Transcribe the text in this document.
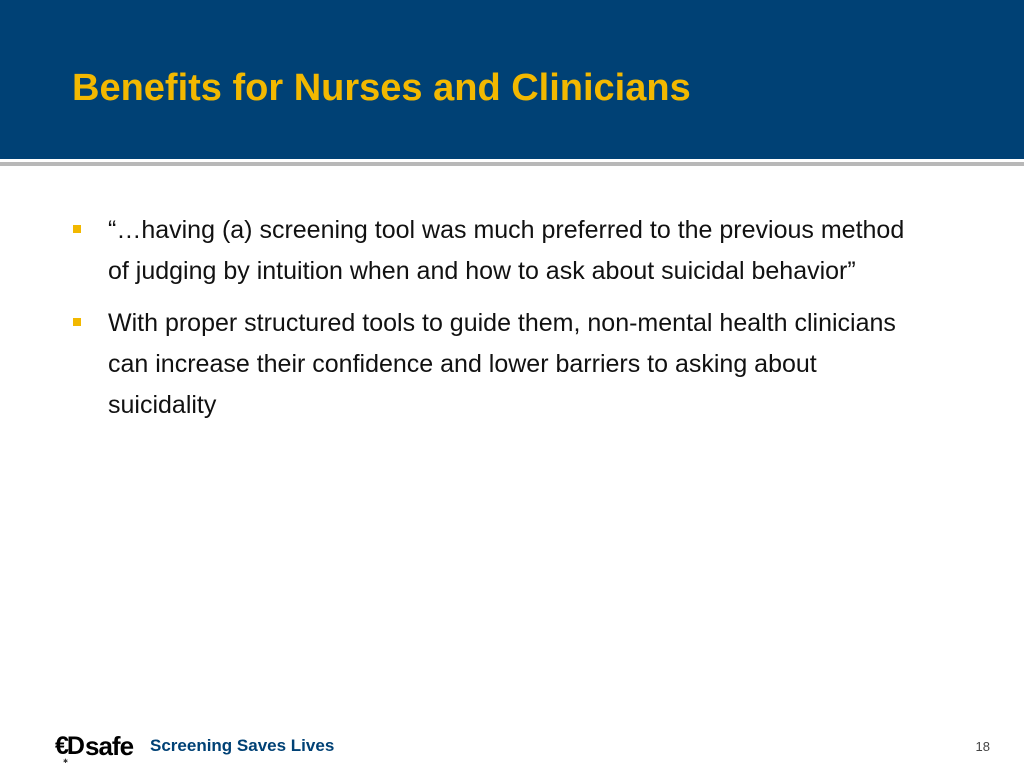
Benefits for Nurses and Clinicians
“…having (a) screening tool was much preferred to the previous method of judging by intuition when and how to ask about suicidal behavior”
With proper structured tools to guide them, non-mental health clinicians can increase their confidence and lower barriers to asking about suicidality
€D safe
✱
Screening Saves Lives	18
